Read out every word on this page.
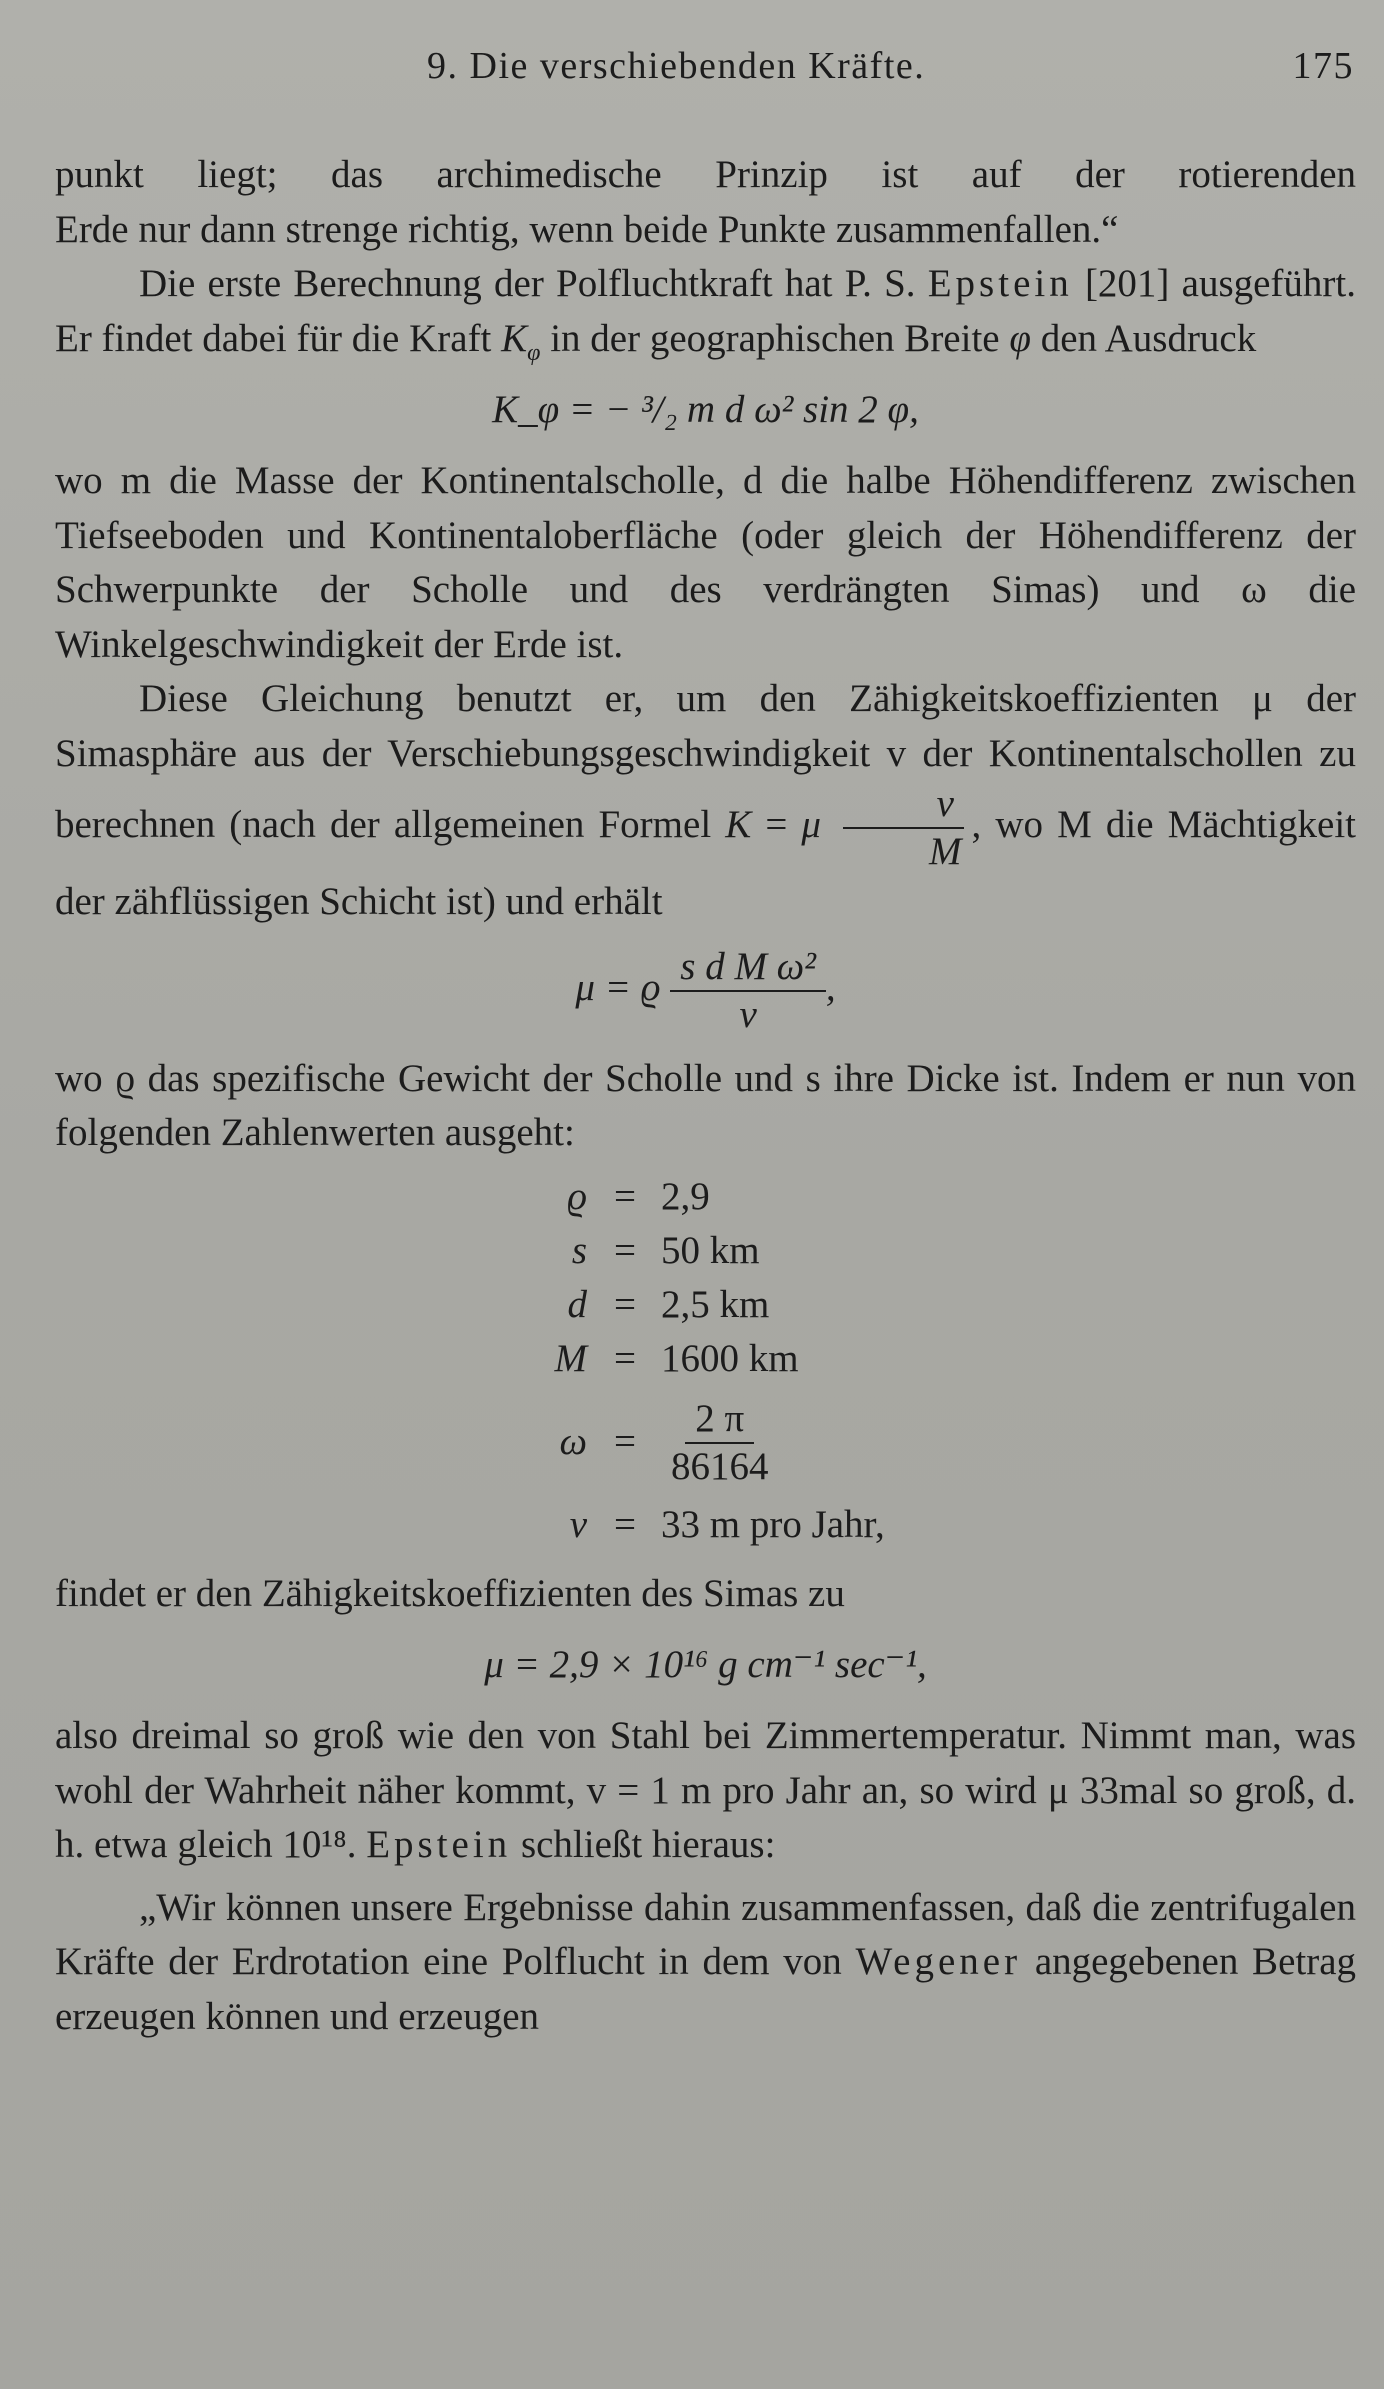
9. Die verschiebenden Kräfte.	175

punkt liegt; das archimedische Prinzip ist auf der rotierenden

Erde nur dann strenge richtig, wenn beide Punkte zusammenfallen.“

Die erste Berechnung der Polfluchtkraft hat P. S. Epstein [201] ausgeführt. Er findet dabei für die Kraft $K_\varphi$ in der geographischen Breite φ den Ausdruck

K_φ = − ³/₂ m d ω² sin 2 φ,

wo m die Masse der Kontinentalscholle, d die halbe Höhendifferenz zwischen Tiefseeboden und Kontinentaloberfläche (oder gleich der Höhendifferenz der Schwerpunkte der Scholle und des verdrängten Simas) und ω die Winkelgeschwindigkeit der Erde ist.

Diese Gleichung benutzt er, um den Zähigkeitskoeffizienten μ der Simasphäre aus der Verschiebungsgeschwindigkeit v der Kontinentalschollen zu berechnen (nach der allgemeinen Formel K = μ $\frac{v}{M}$ , wo M die Mächtigkeit der zähflüssigen Schicht ist) und erhält

μ = ϱ $\frac{\text{s d M ω²}}{v}$ ,

wo ϱ das spezifische Gewicht der Scholle und s ihre Dicke ist. Indem er nun von folgenden Zahlenwerten ausgeht:

ϱ = 2,9
s = 50 km
d = 2,5 km
M = 1600 km
$\omega = \frac{2 \pi}{86164}$
v = 33 m pro Jahr,

findet er den Zähigkeitskoeffizienten des Simas zu

μ = 2,9 × 10¹⁶ g cm⁻¹ sec⁻¹,

also dreimal so groß wie den von Stahl bei Zimmertemperatur. Nimmt man, was wohl der Wahrheit näher kommt, v = 1 m pro Jahr an, so wird μ 33mal so groß, d. h. etwa gleich 10¹⁸. Epstein schließt hieraus:

„Wir können unsere Ergebnisse dahin zusammenfassen, daß die zentrifugalen Kräfte der Erdrotation eine Polflucht in dem von Wegener angegebenen Betrag erzeugen können und erzeugen
